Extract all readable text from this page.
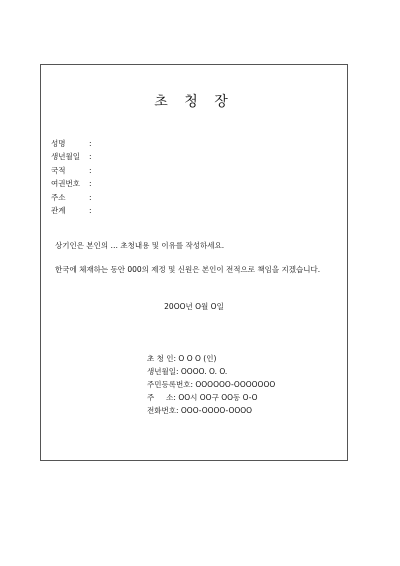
초 청 장
성명	:
생년월일	:
국적	:
여권번호	:
주소	:
관계	:
상기인은 본인의 … 초청내용 및 이유를 작성하세요.
한국에 체재하는 동안 000의 제정 및 신원은 본인이 전적으로 책임을 지겠습니다.
20OO년 O월 O일
초 청 인: O O O (인)
생년월일: OOOO. O. O.
주민등록번호: OOOOOO-OOOOOOO
주     소: OO시 OO구 OO동 O-O
전화번호: OOO-OOOO-OOOO
